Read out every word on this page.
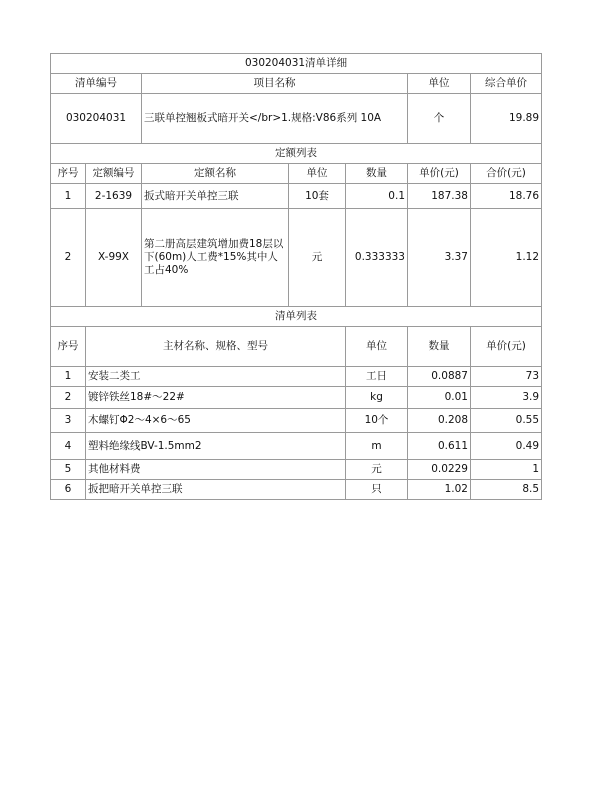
030204031清单详细							
清单编号		项目名称			单位	综合单价	
030204031		三联单控翘板式暗开关</br>1.规格:V86系列 10A			个	19.89	
定额列表							
序号	定额编号	定额名称	单位	数量	单价(元)	合价(元)	
1	2-1639	扳式暗开关单控三联	10套	0.1	187.38	18.76	
2	X-99X	第二册高层建筑增加费18层以下(60m)人工费*15%其中人工占40%	元	0.333333	3.37	1.12	
清单列表							
序号	主材名称、规格、型号			单位	数量	单价(元)	
1	安装二类工			工日	0.0887	73	
2	镀锌铁丝18#～22#			kg	0.01	3.9	
3	木螺钉Φ2～4×6～65			10个	0.208	0.55	
4	塑料绝缘线BV-1.5mm2			m	0.611	0.49	
5	其他材料费			元	0.0229	1	
6	扳把暗开关单控三联			只	1.02	8.5	
